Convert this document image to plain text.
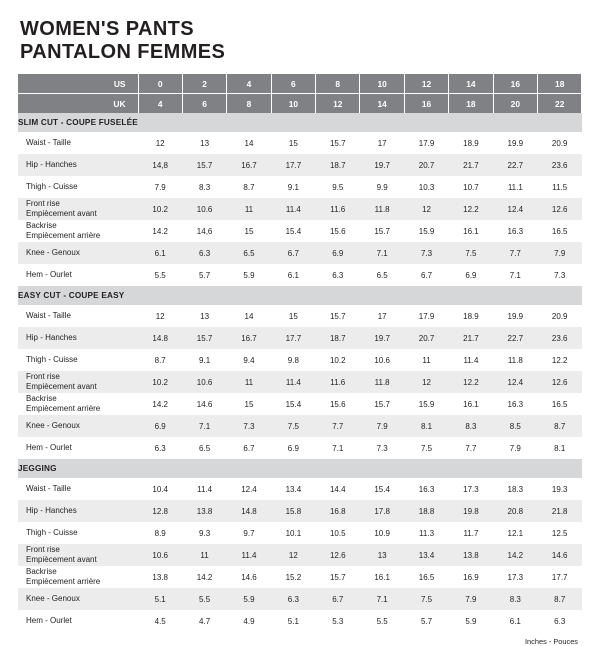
WOMEN'S PANTS
PANTALON FEMMES
US	0	2	4	6	8	10	12	14	16	18
UK	4	6	8	10	12	14	16	18	20	22
SLIM CUT - COUPE FUSELÉE										

Waist - Taille	12	13	14	15	15.7	17	17.9	18.9	19.9	20.9

Hip - Hanches	14,8	15.7	16.7	17.7	18.7	19.7	20.7	21.7	22.7	23.6

Thigh - Cuisse	7.9	8.3	8.7	9.1	9.5	9.9	10.3	10.7	11.1	11.5

Front rise
Empiècement avant	10.2	10.6	11	11.4	11.6	11.8	12	12.2	12.4	12.6

Backrise
Empiècement arrière	14.2	14,6	15	15.4	15.6	15.7	15.9	16.1	16.3	16.5

Knee - Genoux	6.1	6.3	6.5	6.7	6.9	7.1	7.3	7.5	7.7	7.9

Hem - Ourlet	5.5	5.7	5.9	6.1	6.3	6.5	6.7	6.9	7.1	7.3
EASY CUT - COUPE EASY										

Waist - Taille	12	13	14	15	15.7	17	17.9	18.9	19.9	20.9

Hip - Hanches	14.8	15.7	16.7	17.7	18.7	19.7	20.7	21.7	22.7	23.6

Thigh - Cuisse	8.7	9.1	9.4	9.8	10.2	10.6	11	11.4	11.8	12.2

Front rise
Empiècement avant	10.2	10.6	11	11.4	11.6	11.8	12	12.2	12.4	12.6

Backrise
Empiècement arrière	14.2	14.6	15	15.4	15.6	15.7	15.9	16.1	16.3	16.5

Knee - Genoux	6.9	7.1	7.3	7.5	7.7	7.9	8.1	8.3	8.5	8.7

Hem - Ourlet	6.3	6.5	6.7	6.9	7.1	7.3	7.5	7.7	7.9	8.1
JEGGING										

Waist - Taille	10.4	11.4	12.4	13.4	14.4	15.4	16.3	17.3	18.3	19.3

Hip - Hanches	12.8	13.8	14.8	15.8	16.8	17.8	18.8	19.8	20.8	21.8

Thigh - Cuisse	8.9	9.3	9.7	10.1	10.5	10.9	11.3	11.7	12.1	12.5

Front rise
Empiècement avant	10.6	11	11.4	12	12.6	13	13.4	13.8	14.2	14.6

Backrise
Empiècement arrière	13.8	14.2	14.6	15.2	15.7	16.1	16.5	16.9	17.3	17.7

Knee - Genoux	5.1	5.5	5.9	6.3	6.7	7.1	7.5	7.9	8.3	8.7

Hem - Ourlet	4.5	4.7	4.9	5.1	5.3	5.5	5.7	5.9	6.1	6.3
Inches - Pouces
